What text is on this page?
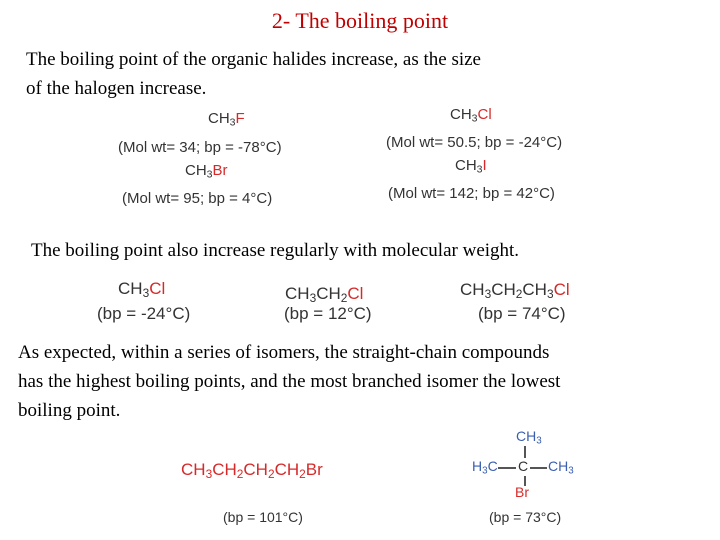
2- The boiling point
The boiling point of the organic halides increase, as the size
of the halogen increase.
$CH_3F$
(Mol wt= 34; bp = -78°C)
$CH_3Cl$
(Mol wt= 50.5; bp = -24°C)
$CH_3Br$
(Mol wt= 95; bp = 4°C)
$CH_3I$
(Mol wt= 142; bp = 42°C)
The boiling point also increase regularly with molecular weight.
$CH_3Cl$
(bp = -24°C)
$CH_3CH_2Cl$
(bp = 12°C)
$CH_3CH_2CH_3Cl$
(bp = 74°C)
As expected, within a series of isomers, the straight-chain compounds
has the highest boiling points, and the most branched isomer the lowest
boiling point.
$CH_3CH_2CH_2CH_2Br$
(bp = 101°C)
$CH_3$
$H_3C$ C $CH_3$
Br
(bp = 73°C)
